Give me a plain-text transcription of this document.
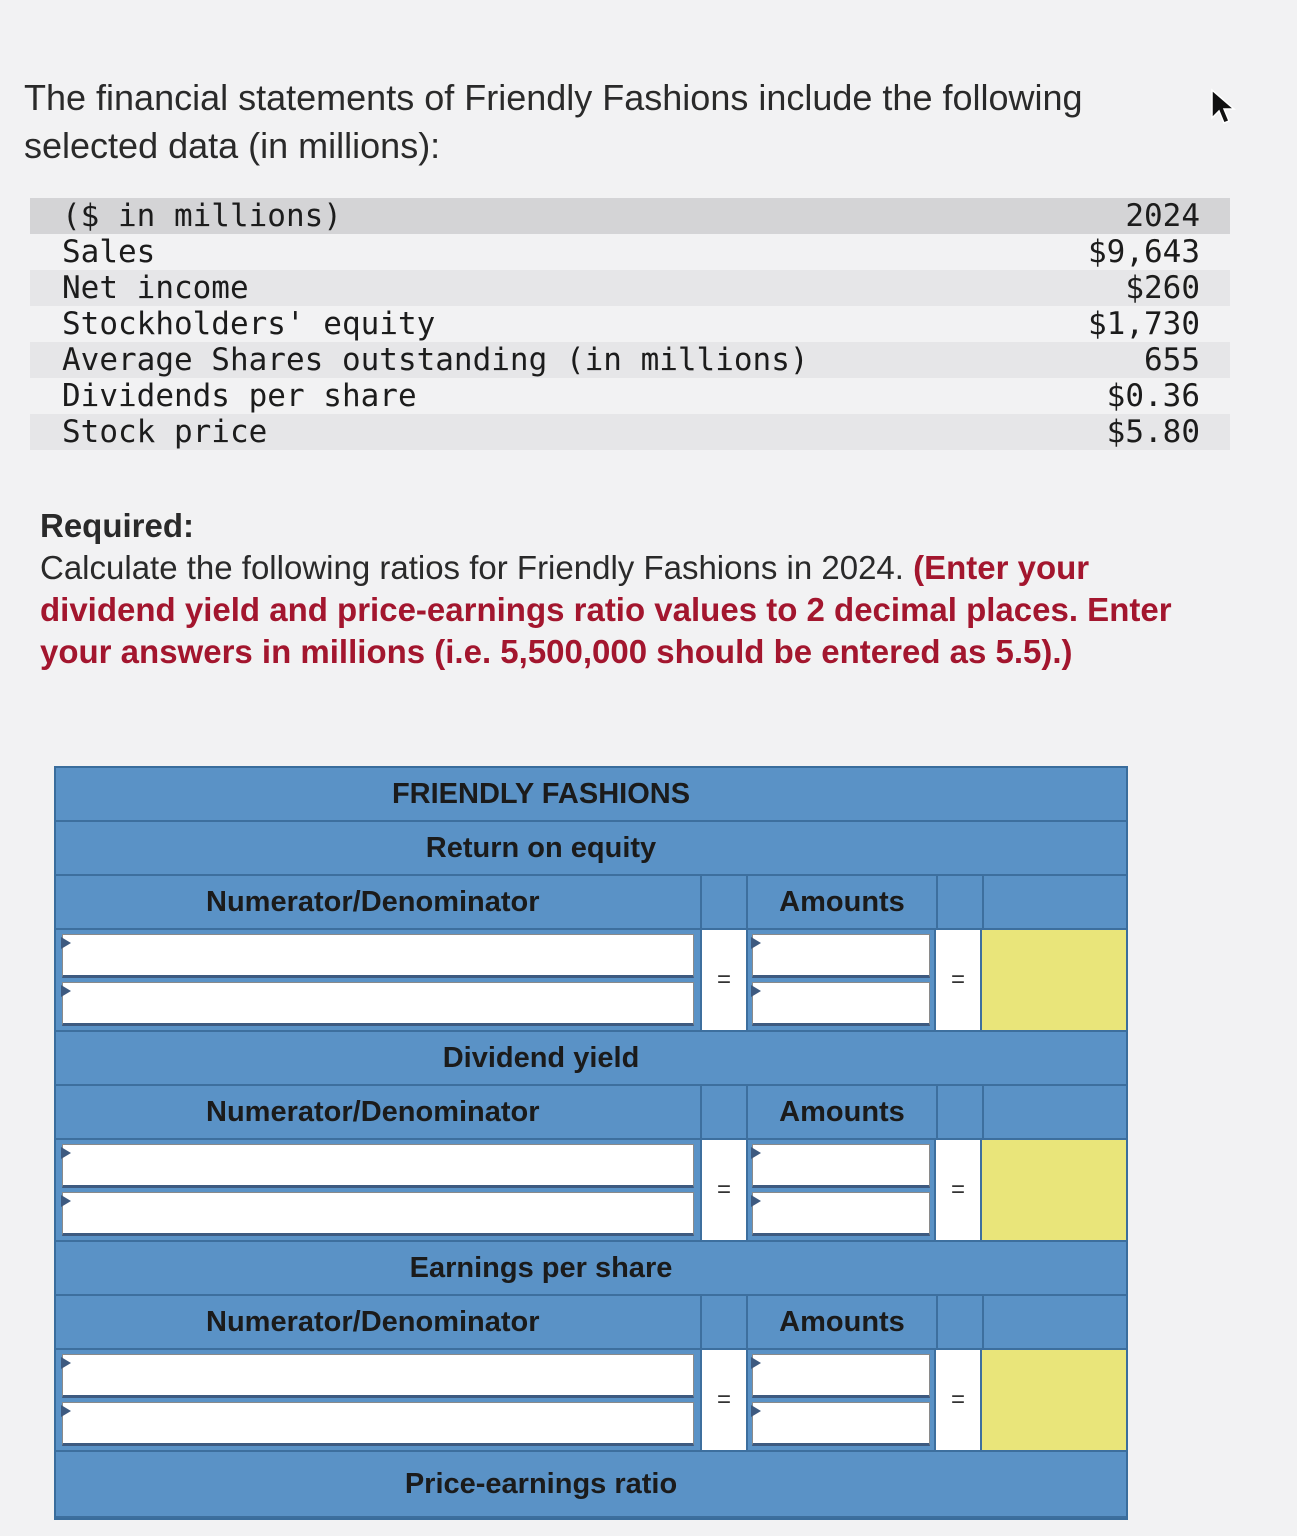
The financial statements of Friendly Fashions include the following selected data (in millions):
($ in millions)	2024
Sales	$9,643
Net income	$260
Stockholders' equity	$1,730
Average Shares outstanding (in millions)	655
Dividends per share	$0.36
Stock price	$5.80
Required:
Calculate the following ratios for Friendly Fashions in 2024. (Enter your dividend yield and price-earnings ratio values to 2 decimal places. Enter your answers in millions (i.e. 5,500,000 should be entered as 5.5).)
FRIENDLY FASHIONS
Return on equity
Numerator/Denominator	Amounts
=	=
Dividend yield
Numerator/Denominator	Amounts
=	=
Earnings per share
Numerator/Denominator	Amounts
=	=
Price-earnings ratio
